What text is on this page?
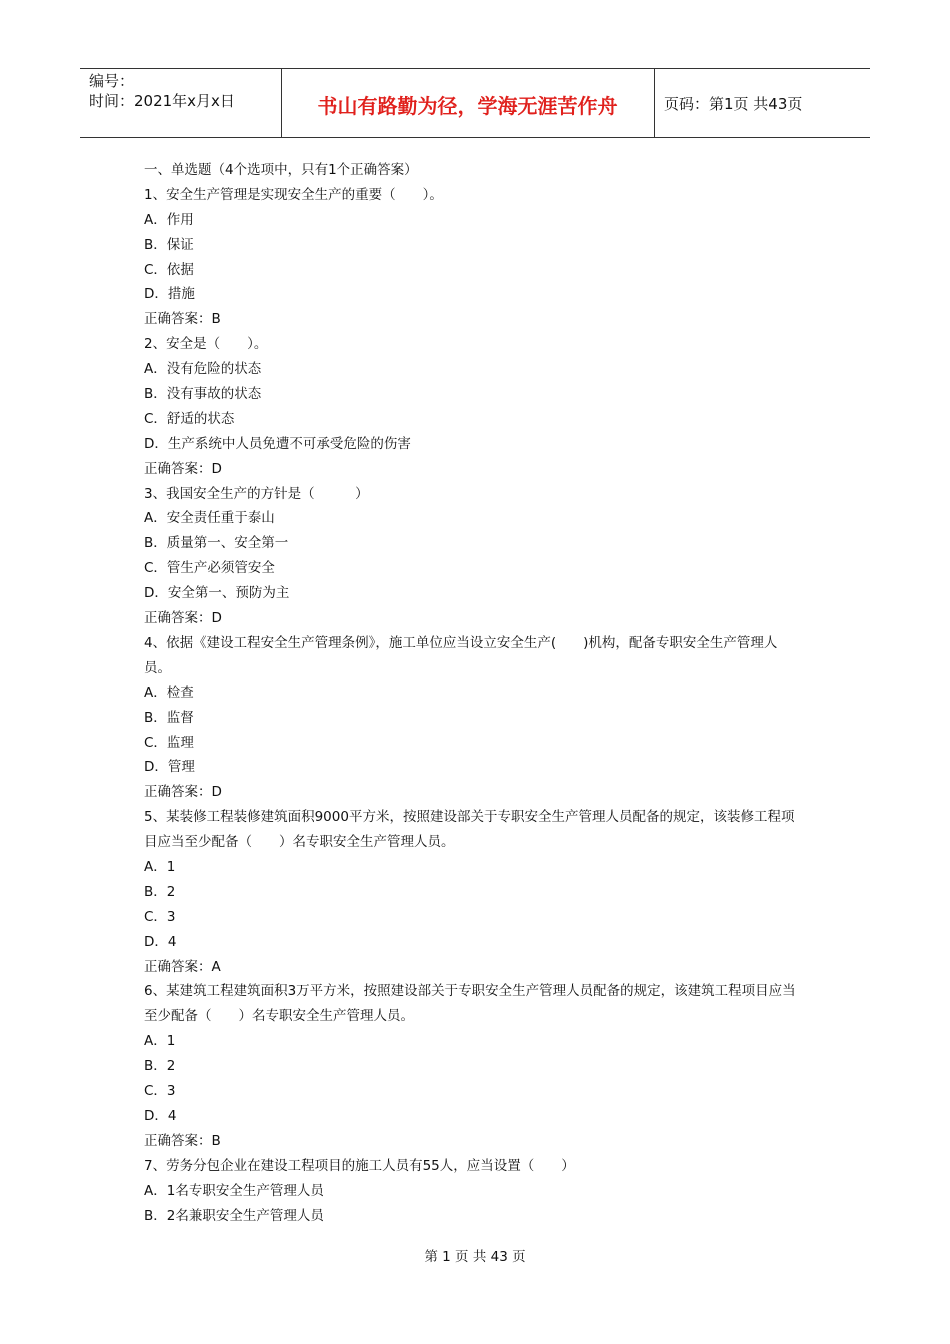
编号：
时间：2021年x月x日	书山有路勤为径，学海无涯苦作舟	页码：第1页 共43页
一、单选题（4个选项中，只有1个正确答案）
1、安全生产管理是实现安全生产的重要（　　）。
A．作用
B．保证
C．依据
D．措施
正确答案：B
2、安全是（　　）。
A．没有危险的状态
B．没有事故的状态
C．舒适的状态
D．生产系统中人员免遭不可承受危险的伤害
正确答案：D
3、我国安全生产的方针是（　　　）
A．安全责任重于泰山
B．质量第一、安全第一
C．管生产必须管安全
D．安全第一、预防为主
正确答案：D
4、依据《建设工程安全生产管理条例》，施工单位应当设立安全生产(　　)机构，配备专职安全生产管理人员。
A．检查
B．监督
C．监理
D．管理
正确答案：D
5、某装修工程装修建筑面积9000平方米，按照建设部关于专职安全生产管理人员配备的规定，该装修工程项目应当至少配备（　　）名专职安全生产管理人员。
A．1
B．2
C．3
D．4
正确答案：A
6、某建筑工程建筑面积3万平方米，按照建设部关于专职安全生产管理人员配备的规定，该建筑工程项目应当至少配备（　　）名专职安全生产管理人员。
A．1
B．2
C．3
D．4
正确答案：B
7、劳务分包企业在建设工程项目的施工人员有55人，应当设置（　　）
A．1名专职安全生产管理人员
B．2名兼职安全生产管理人员
第 1 页 共 43 页
